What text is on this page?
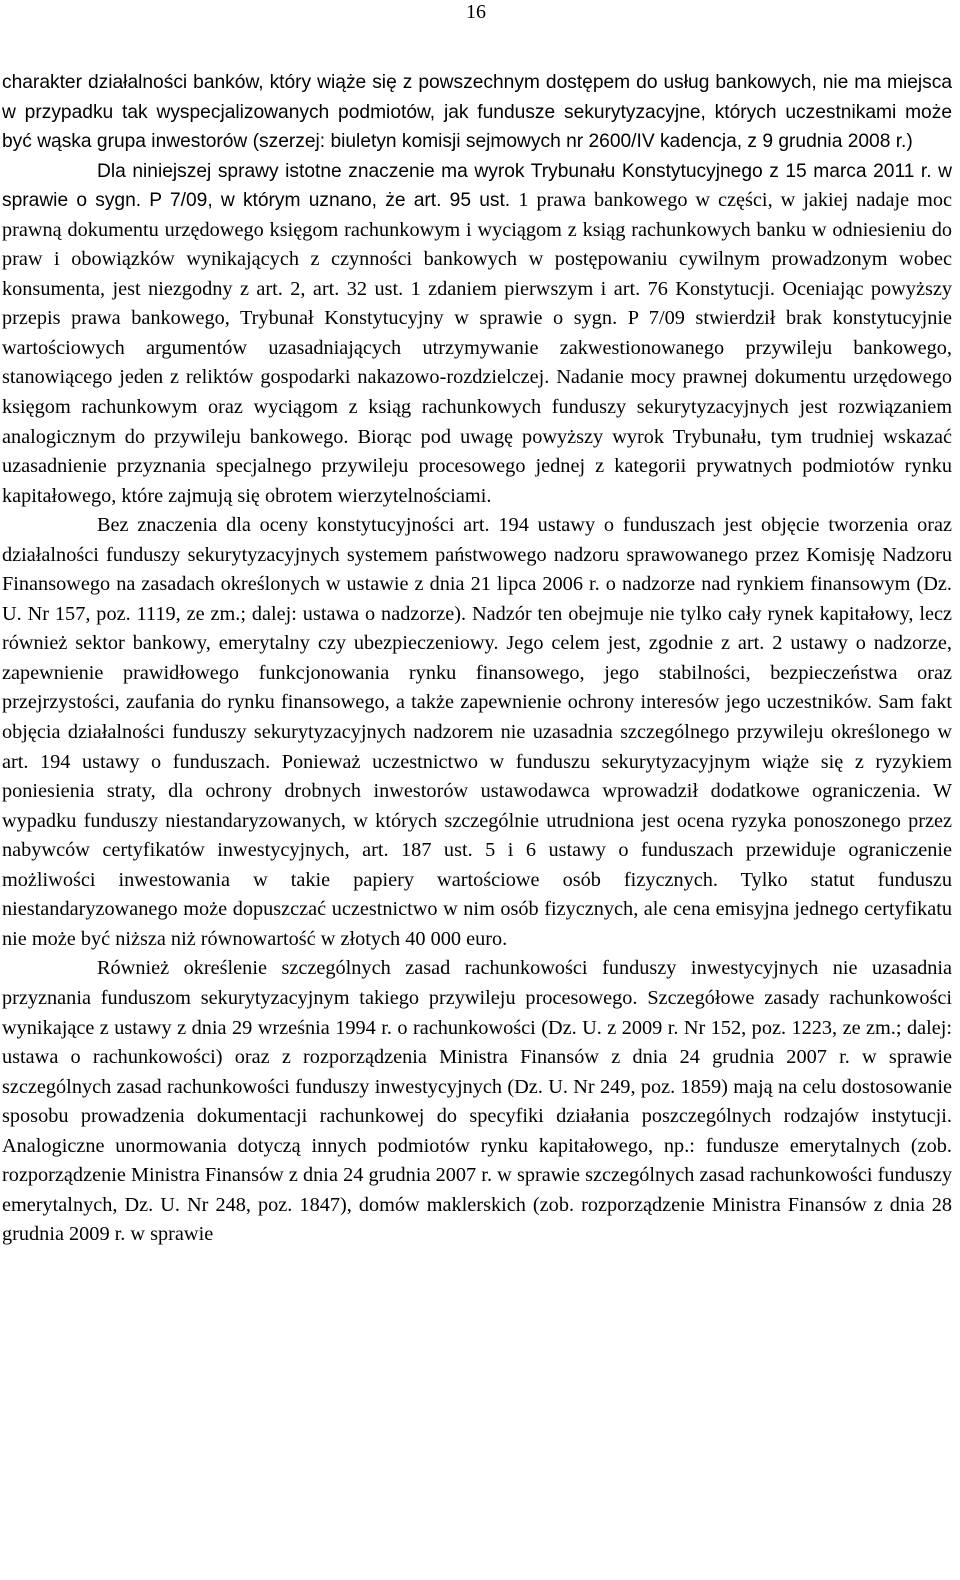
16

charakter działalności banków, który wiąże się z powszechnym dostępem do usług bankowych, nie ma miejsca w przypadku tak wyspecjalizowanych podmiotów, jak fundusze sekurytyzacyjne, których uczestnikami może być wąska grupa inwestorów (szerzej: biuletyn komisji sejmowych nr 2600/IV kadencja, z 9 grudnia 2008 r.)

Dla niniejszej sprawy istotne znaczenie ma wyrok Trybunału Konstytucyjnego z 15 marca 2011 r. w sprawie o sygn. P 7/09, w którym uznano, że art. 95 ust. 1 prawa bankowego w części, w jakiej nadaje moc prawną dokumentu urzędowego księgom rachunkowym i wyciągom z ksiąg rachunkowych banku w odniesieniu do praw i obowiązków wynikających z czynności bankowych w postępowaniu cywilnym prowadzonym wobec konsumenta, jest niezgodny z art. 2, art. 32 ust. 1 zdaniem pierwszym i art. 76 Konstytucji. Oceniając powyższy przepis prawa bankowego, Trybunał Konstytucyjny w sprawie o sygn. P 7/09 stwierdził brak konstytucyjnie wartościowych argumentów uzasadniających utrzymywanie zakwestionowanego przywileju bankowego, stanowiącego jeden z reliktów gospodarki nakazowo-rozdzielczej. Nadanie mocy prawnej dokumentu urzędowego księgom rachunkowym oraz wyciągom z ksiąg rachunkowych funduszy sekurytyzacyjnych jest rozwiązaniem analogicznym do przywileju bankowego. Biorąc pod uwagę powyższy wyrok Trybunału, tym trudniej wskazać uzasadnienie przyznania specjalnego przywileju procesowego jednej z kategorii prywatnych podmiotów rynku kapitałowego, które zajmują się obrotem wierzytelnościami.

Bez znaczenia dla oceny konstytucyjności art. 194 ustawy o funduszach jest objęcie tworzenia oraz działalności funduszy sekurytyzacyjnych systemem państwowego nadzoru sprawowanego przez Komisję Nadzoru Finansowego na zasadach określonych w ustawie z dnia 21 lipca 2006 r. o nadzorze nad rynkiem finansowym (Dz. U. Nr 157, poz. 1119, ze zm.; dalej: ustawa o nadzorze). Nadzór ten obejmuje nie tylko cały rynek kapitałowy, lecz również sektor bankowy, emerytalny czy ubezpieczeniowy. Jego celem jest, zgodnie z art. 2 ustawy o nadzorze, zapewnienie prawidłowego funkcjonowania rynku finansowego, jego stabilności, bezpieczeństwa oraz przejrzystości, zaufania do rynku finansowego, a także zapewnienie ochrony interesów jego uczestników. Sam fakt objęcia działalności funduszy sekurytyzacyjnych nadzorem nie uzasadnia szczególnego przywileju określonego w art. 194 ustawy o funduszach. Ponieważ uczestnictwo w funduszu sekurytyzacyjnym wiąże się z ryzykiem poniesienia straty, dla ochrony drobnych inwestorów ustawodawca wprowadził dodatkowe ograniczenia. W wypadku funduszy niestandaryzowanych, w których szczególnie utrudniona jest ocena ryzyka ponoszonego przez nabywców certyfikatów inwestycyjnych, art. 187 ust. 5 i 6 ustawy o funduszach przewiduje ograniczenie możliwości inwestowania w takie papiery wartościowe osób fizycznych. Tylko statut funduszu niestandaryzowanego może dopuszczać uczestnictwo w nim osób fizycznych, ale cena emisyjna jednego certyfikatu nie może być niższa niż równowartość w złotych 40 000 euro.

Również określenie szczególnych zasad rachunkowości funduszy inwestycyjnych nie uzasadnia przyznania funduszom sekurytyzacyjnym takiego przywileju procesowego. Szczegółowe zasady rachunkowości wynikające z ustawy z dnia 29 września 1994 r. o rachunkowości (Dz. U. z 2009 r. Nr 152, poz. 1223, ze zm.; dalej: ustawa o rachunkowości) oraz z rozporządzenia Ministra Finansów z dnia 24 grudnia 2007 r. w sprawie szczególnych zasad rachunkowości funduszy inwestycyjnych (Dz. U. Nr 249, poz. 1859) mają na celu dostosowanie sposobu prowadzenia dokumentacji rachunkowej do specyfiki działania poszczególnych rodzajów instytucji. Analogiczne unormowania dotyczą innych podmiotów rynku kapitałowego, np.: fundusze emerytalnych (zob. rozporządzenie Ministra Finansów z dnia 24 grudnia 2007 r. w sprawie szczególnych zasad rachunkowości funduszy emerytalnych, Dz. U. Nr 248, poz. 1847), domów maklerskich (zob. rozporządzenie Ministra Finansów z dnia 28 grudnia 2009 r. w sprawie
